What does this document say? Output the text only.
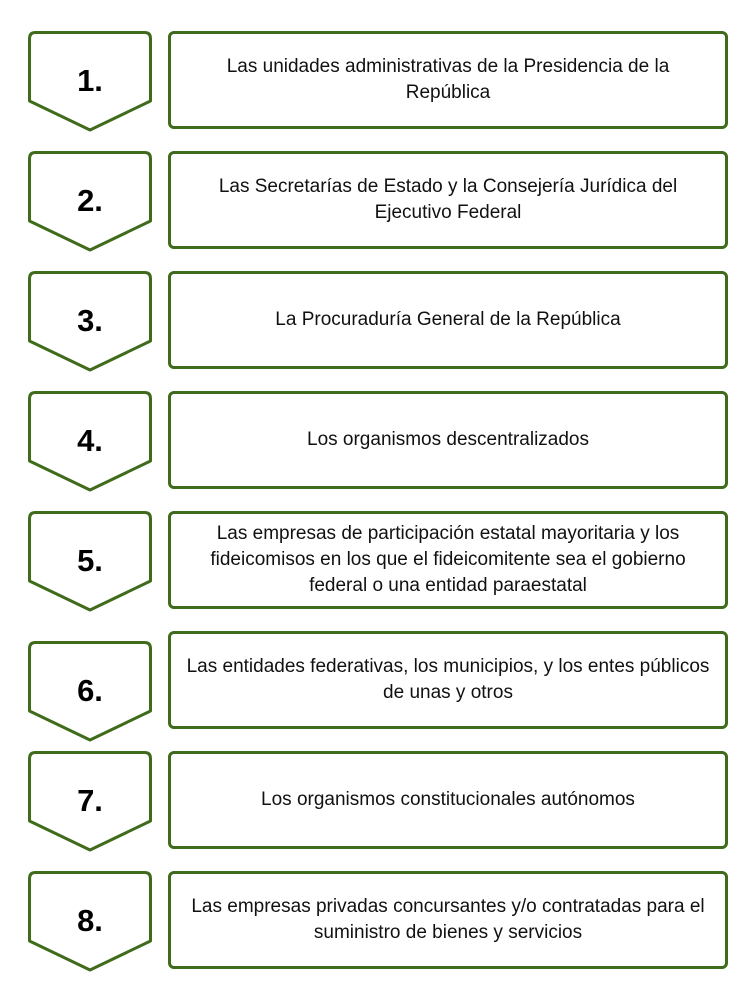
1.	Las unidades administrativas de la Presidencia de la República
2.	Las Secretarías de Estado y la Consejería Jurídica del Ejecutivo Federal
3.	La Procuraduría General de la República
4.	Los organismos descentralizados
5.
Las empresas de participación estatal mayoritaria y los fideicomisos en los que el fideicomitente sea el gobierno federal o una entidad paraestatal
6.
Las entidades federativas, los municipios, y los entes públicos de unas y otros
7.	Los organismos constitucionales autónomos
8.	Las empresas privadas concursantes y/o contratadas para el suministro de bienes y servicios
